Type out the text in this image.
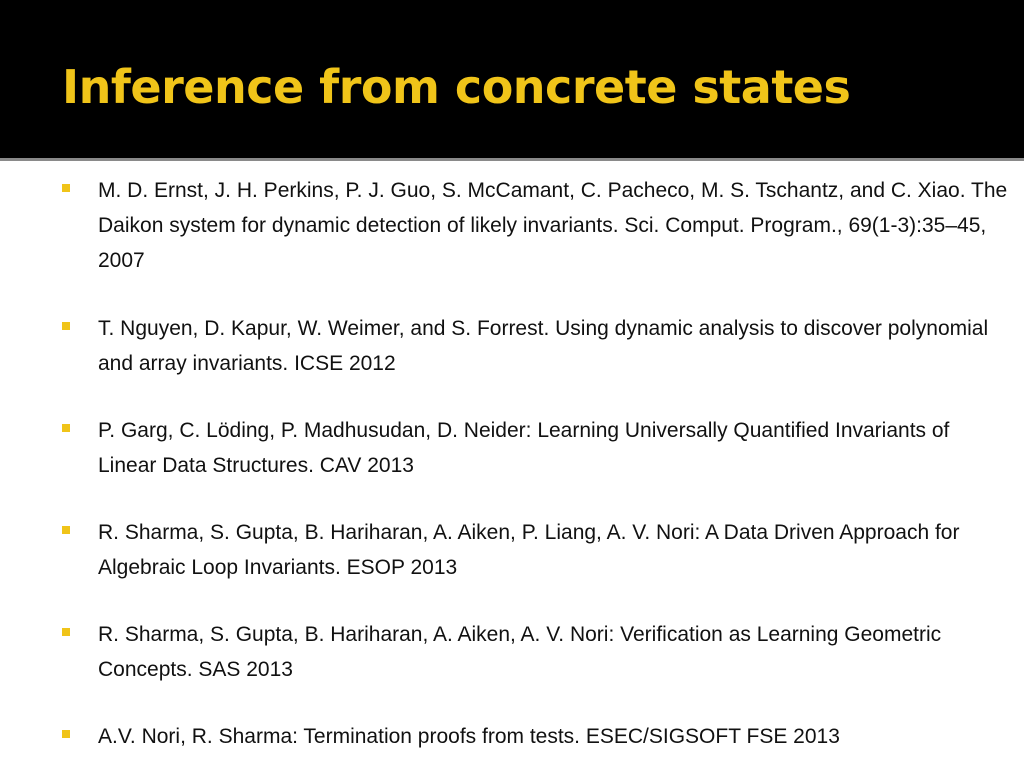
Inference from concrete states
M. D. Ernst, J. H. Perkins, P. J. Guo, S. McCamant, C. Pacheco, M. S. Tschantz, and C. Xiao. The Daikon system for dynamic detection of likely invariants. Sci. Comput. Program., 69(1-3):35–45, 2007
T. Nguyen, D. Kapur, W. Weimer, and S. Forrest. Using dynamic analysis to discover polynomial and array invariants. ICSE 2012
P. Garg, C. Löding, P. Madhusudan, D. Neider: Learning Universally Quantified Invariants of Linear Data Structures. CAV 2013
R. Sharma, S. Gupta, B. Hariharan, A. Aiken, P. Liang, A. V. Nori: A Data Driven Approach for Algebraic Loop Invariants. ESOP 2013
R. Sharma, S. Gupta, B. Hariharan, A. Aiken, A. V. Nori: Verification as Learning Geometric Concepts. SAS 2013
A.V. Nori, R. Sharma: Termination proofs from tests. ESEC/SIGSOFT FSE 2013
